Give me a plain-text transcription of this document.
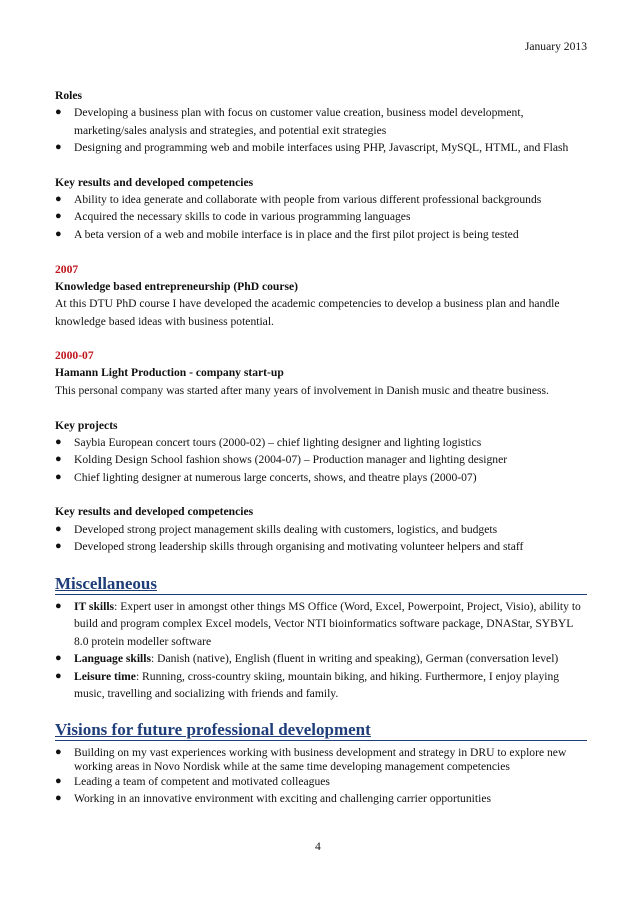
January 2013
Roles
● Developing a business plan with focus on customer value creation, business model development,
marketing/sales analysis and strategies, and potential exit strategies
● Designing and programming web and mobile interfaces using PHP, Javascript, MySQL, HTML, and Flash
Key results and developed competencies
● Ability to idea generate and collaborate with people from various different professional backgrounds
● Acquired the necessary skills to code in various programming languages
● A beta version of a web and mobile interface is in place and the first pilot project is being tested
2007
Knowledge based entrepreneurship (PhD course)
At this DTU PhD course I have developed the academic competencies to develop a business plan and handle
knowledge based ideas with business potential.
2000-07
Hamann Light Production - company start-up
This personal company was started after many years of involvement in Danish music and theatre business.
Key projects
● Saybia European concert tours (2000-02) – chief lighting designer and lighting logistics
● Kolding Design School fashion shows (2004-07) – Production manager and lighting designer
● Chief lighting designer at numerous large concerts, shows, and theatre plays (2000-07)
Key results and developed competencies
● Developed strong project management skills dealing with customers, logistics, and budgets
● Developed strong leadership skills through organising and motivating volunteer helpers and staff
Miscellaneous
● IT skills: Expert user in amongst other things MS Office (Word, Excel, Powerpoint, Project, Visio), ability to
build and program complex Excel models, Vector NTI bioinformatics software package, DNAStar, SYBYL
8.0 protein modeller software
● Language skills: Danish (native), English (fluent in writing and speaking), German (conversation level)
● Leisure time: Running, cross-country skiing, mountain biking, and hiking. Furthermore, I enjoy playing
music, travelling and socializing with friends and family.
Visions for future professional development
● Building on my vast experiences working with business development and strategy in DRU to explore new
working areas in Novo Nordisk while at the same time developing management competencies
● Leading a team of competent and motivated colleagues
● Working in an innovative environment with exciting and challenging carrier opportunities
4
